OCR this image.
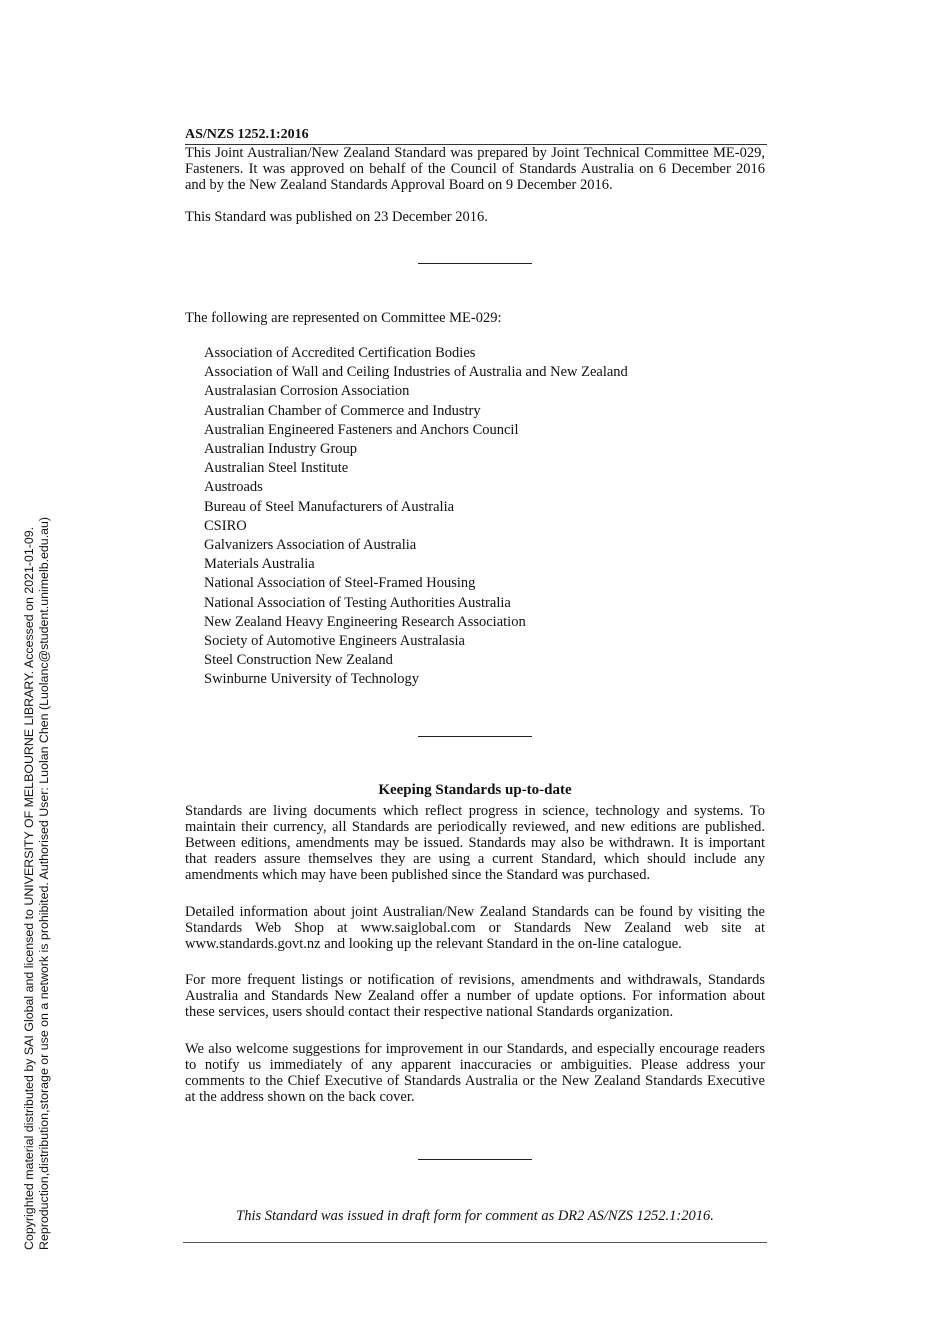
Copyrighted material distributed by SAI Global and licensed to UNIVERSITY OF MELBOURNE LIBRARY. Accessed on 2021-01-09. Reproduction,distribution,storage or use on a network is prohibited. Authorised User: Luolan Chen (Luolanc@student.unimelb.edu.au)
AS/NZS 1252.1:2016

This Joint Australian/New Zealand Standard was prepared by Joint Technical Committee ME-029, Fasteners. It was approved on behalf of the Council of Standards Australia on 6 December 2016 and by the New Zealand Standards Approval Board on 9 December 2016.

This Standard was published on 23 December 2016.

The following are represented on Committee ME-029:

Association of Accredited Certification Bodies
Association of Wall and Ceiling Industries of Australia and New Zealand
Australasian Corrosion Association
Australian Chamber of Commerce and Industry
Australian Engineered Fasteners and Anchors Council
Australian Industry Group
Australian Steel Institute
Austroads
Bureau of Steel Manufacturers of Australia
CSIRO
Galvanizers Association of Australia
Materials Australia
National Association of Steel-Framed Housing
National Association of Testing Authorities Australia
New Zealand Heavy Engineering Research Association
Society of Automotive Engineers Australasia
Steel Construction New Zealand
Swinburne University of Technology
Keeping Standards up-to-date

Standards are living documents which reflect progress in science, technology and systems. To maintain their currency, all Standards are periodically reviewed, and new editions are published. Between editions, amendments may be issued. Standards may also be withdrawn. It is important that readers assure themselves they are using a current Standard, which should include any amendments which may have been published since the Standard was purchased.

Detailed information about joint Australian/New Zealand Standards can be found by visiting the Standards Web Shop at www.saiglobal.com or Standards New Zealand web site at www.standards.govt.nz and looking up the relevant Standard in the on-line catalogue.

For more frequent listings or notification of revisions, amendments and withdrawals, Standards Australia and Standards New Zealand offer a number of update options. For information about these services, users should contact their respective national Standards organization.

We also welcome suggestions for improvement in our Standards, and especially encourage readers to notify us immediately of any apparent inaccuracies or ambiguities. Please address your comments to the Chief Executive of Standards Australia or the New Zealand Standards Executive at the address shown on the back cover.

This Standard was issued in draft form for comment as DR2 AS/NZS 1252.1:2016.
